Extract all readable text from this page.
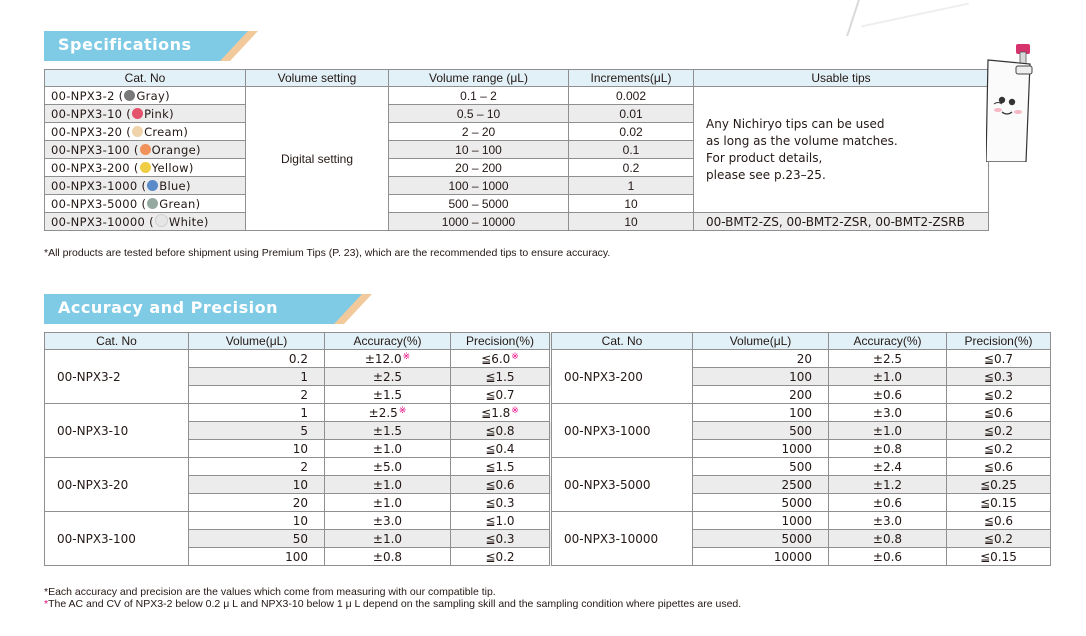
Specifications
Cat. No	Volume setting	Volume range (μL)	Increments(μL)	Usable tips
00-NPX3-2 ( Gray)	Digital setting	0.1 – 2	0.002	Any Nichiryo tips can be used
as long as the volume matches.
For product details,
please see p.23–25.

00-NPX3-10 ( Pink)		0.5 – 10	0.01	
00-NPX3-20 ( Cream)		2 – 20	0.02	
00-NPX3-100 ( Orange)		10 – 100	0.1	
00-NPX3-200 ( Yellow)		20 – 200	0.2	
00-NPX3-1000 ( Blue)		100 – 1000	1	
00-NPX3-5000 ( Grean)		500 – 5000	10	
00-NPX3-10000 ( White)		1000 – 10000	10	00-BMT2-ZS, 00-BMT2-ZSR, 00-BMT2-ZSRB
*All products are tested before shipment using Premium Tips (P. 23), which are the recommended tips to ensure accuracy.
Accuracy and Precision
Cat. No	Volume(μL)	Accuracy(%)	Precision(%)	Cat. No	Volume(μL)	Accuracy(%)	Precision(%)
00-NPX3-2	0.2	±12.0※	≦6.0※	00-NPX3-200	20	±2.5	≦0.7
	1	±2.5	≦1.5		100	±1.0	≦0.3
	2	±1.5	≦0.7		200	±0.6	≦0.2
00-NPX3-10	1	±2.5※	≦1.8※	00-NPX3-1000	100	±3.0	≦0.6
	5	±1.5	≦0.8		500	±1.0	≦0.2
	10	±1.0	≦0.4		1000	±0.8	≦0.2
00-NPX3-20	2	±5.0	≦1.5	00-NPX3-5000	500	±2.4	≦0.6
	10	±1.0	≦0.6		2500	±1.2	≦0.25
	20	±1.0	≦0.3		5000	±0.6	≦0.15
00-NPX3-100	10	±3.0	≦1.0	00-NPX3-10000	1000	±3.0	≦0.6
	50	±1.0	≦0.3		5000	±0.8	≦0.2
	100	±0.8	≦0.2		10000	±0.6	≦0.15
*Each accuracy and precision are the values which come from measuring with our compatible tip.
*The AC and CV of NPX3-2 below 0.2 μ L and NPX3-10 below 1 μ L depend on the sampling skill and the sampling condition where pipettes are used.
